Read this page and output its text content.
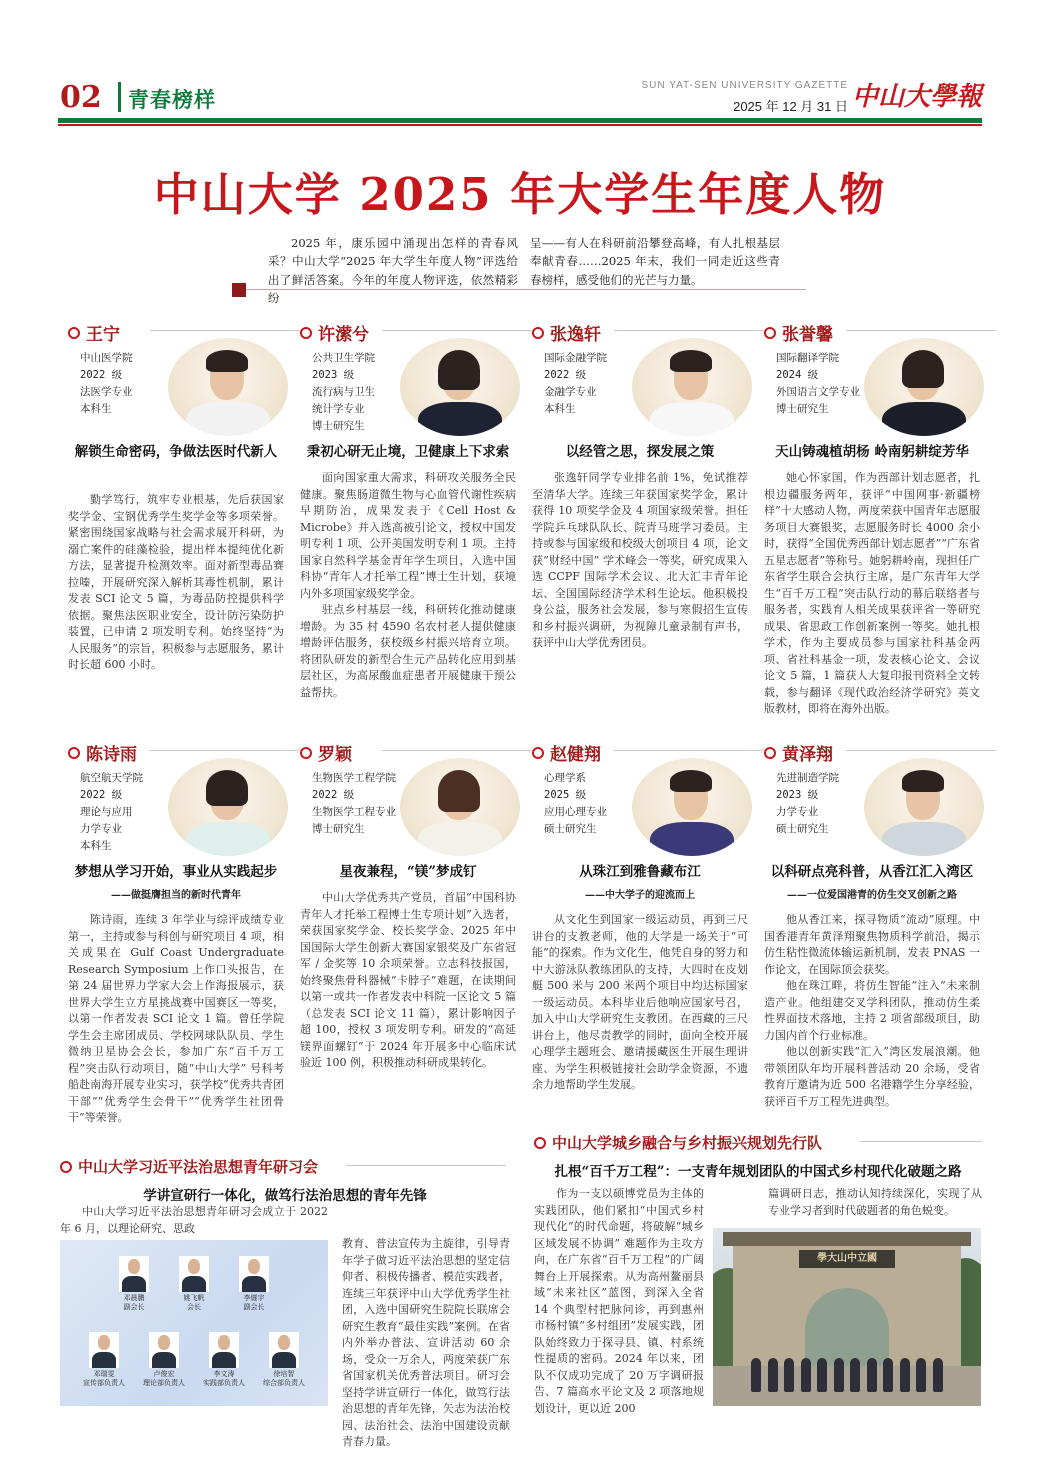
02 青春榜样
SUN YAT-SEN UNIVERSITY GAZETTE
2025 年 12 月 31 日 中山大學報
中山大学 2025 年大学生年度人物
2025 年，康乐园中涌现出怎样的青春风采？中山大学“2025 年大学生年度人物”评选给出了鲜活答案。今年的年度人物评选，依然精彩纷
呈——有人在科研前沿攀登高峰，有人扎根基层奉献青春……2025 年末，我们一同走近这些青春榜样，感受他们的光芒与力量。
王宁
中山医学院
2022 级
法医学专业
本科生
解锁生命密码，争做法医时代新人

勤学笃行，筑牢专业根基，先后获国家奖学金、宝钢优秀学生奖学金等多项荣誉。紧密围绕国家战略与社会需求展开科研，为溺亡案件的硅藻检验，提出样本提纯优化新方法，显著提升检测效率。面对新型毒品赛拉嗪，开展研究深入解析其毒性机制，累计发表 SCI 论文 5 篇，为毒品防控提供科学依据。聚焦法医职业安全，设计防污染防护装置，已申请 2 项发明专利。始终坚持“为人民服务”的宗旨，积极参与志愿服务，累计时长超 600 小时。

许潆兮
公共卫生学院
2023 级
流行病与卫生
统计学专业
博士研究生
秉初心研无止境，卫健康上下求索

面向国家重大需求，科研攻关服务全民健康。聚焦肠道微生物与心血管代谢性疾病早期防治，成果发表于《Cell Host & Microbe》并入选高被引论文，授权中国发明专利 1 项、公开美国发明专利 1 项。主持国家自然科学基金青年学生项目，入选中国科协“青年人才托举工程”博士生计划，获境内外多项国家级奖学金。

驻点乡村基层一线，科研转化推动健康增龄。为 35 村 4590 名农村老人提供健康增龄评估服务，获校级乡村振兴培育立项。将团队研发的新型合生元产品转化应用到基层社区，为高尿酸血症患者开展健康干预公益帮扶。

张逸轩
国际金融学院
2022 级
金融学专业
本科生
以经管之思，探发展之策

张逸轩同学专业排名前 1%，免试推荐至清华大学。连续三年获国家奖学金，累计获得 10 项奖学金及 4 项国家级荣誉。担任学院乒乓球队队长、院青马班学习委员。主持或参与国家级和校级大创项目 4 项，论文获“财经中国” 学术峰会一等奖，研究成果入选 CCPF 国际学术会议、北大汇丰青年论坛、全国国际经济学术科生论坛。他积极投身公益，服务社会发展，参与寒假招生宣传和乡村振兴调研，为视障儿童录制有声书，获评中山大学优秀团员。

张誉馨
国际翻译学院
2024 级
外国语言文学专业
博士研究生
天山铸魂植胡杨 岭南躬耕绽芳华

她心怀家国，作为西部计划志愿者，扎根边疆服务两年，获评“中国网事·新疆榜样”十大感动人物，两度荣获中国青年志愿服务项目大赛银奖，志愿服务时长 4000 余小时，获得“全国优秀西部计划志愿者”“广东省五星志愿者”等称号。她躬耕岭南，现担任广东省学生联合会执行主席，是广东青年大学生“百千万工程”突击队行动的幕后联络者与服务者，实践育人相关成果获评省一等研究成果、省思政工作创新案例一等奖。她扎根学术，作为主要成员参与国家社科基金两项、省社科基金一项，发表核心论文、会议论文 5 篇，1 篇获人大复印报刊资料全文转载，参与翻译《现代政治经济学研究》英文版教材，即将在海外出版。

陈诗雨
航空航天学院
2022 级
理论与应用
力学专业
本科生
梦想从学习开始，事业从实践起步
——做挺膺担当的新时代青年

陈诗雨，连续 3 年学业与综评成绩专业第一，主持或参与科创与研究项目 4 项，相关成果在 Gulf Coast Undergraduate Research Symposium 上作口头报告，在第 24 届世界力学家大会上作海报展示，获世界大学生立方星挑战赛中国赛区一等奖，以第一作者发表 SCI 论文 1 篇。曾任学院学生会主席团成员、学校网球队队员、学生微纳卫星协会会长，参加广东“百千万工程”突击队行动项目，随“中山大学” 号科考船赴南海开展专业实习，获学校“优秀共青团干部”“优秀学生会骨干”“优秀学生社团骨干”等荣誉。

罗颖
生物医学工程学院
2022 级
生物医学工程专业
博士研究生
星夜兼程，“镁”梦成钉

中山大学优秀共产党员，首届“中国科协青年人才托举工程博士生专项计划”入选者，荣获国家奖学金、校长奖学金、2025 年中国国际大学生创新大赛国家银奖及广东省冠军 / 金奖等 10 余项荣誉。立志科技报国，始终聚焦骨科器械“卡脖子”难题，在读期间以第一或共一作者发表中科院一区论文 5 篇（总发表 SCI 论文 11 篇），累计影响因子超 100，授权 3 项发明专利。研发的“高延镁界面螺钉”于 2024 年开展多中心临床试验近 100 例，积极推动科研成果转化。

赵健翔
心理学系
2025 级
应用心理专业
硕士研究生
从珠江到雅鲁藏布江
——中大学子的迎流而上

从文化生到国家一级运动员，再到三尺讲台的支教老师，他的大学是一场关于“可能”的探索。作为文化生，他凭自身的努力和中大游泳队教练团队的支持，大四时在皮划艇 500 米与 200 米两个项目中均达标国家一级运动员。本科毕业后他响应国家号召，加入中山大学研究生支教团。在西藏的三尺讲台上，他尽责教学的同时，面向全校开展心理学主题班会、邀请援藏医生开展生理讲座、为学生积极链接社会助学金资源，不遗余力地帮助学生发展。

黄泽翔
先进制造学院
2023 级
力学专业
硕士研究生
以科研点亮科普，从香江汇入湾区
——一位爱国港青的仿生交叉创新之路

他从香江来，探寻物质“流动”原理。中国香港青年黄泽翔聚焦物质科学前沿，揭示仿生粘性微流体输运新机制，发表 PNAS 一作论文，在国际顶会获奖。

他在珠江畔，将仿生智能“注入”未来制造产业。他组建交叉学科团队，推动仿生柔性界面技术落地，主持 2 项省部级项目，助力国内首个行业标准。

他以创新实践“汇入”湾区发展浪潮。他带领团队年均开展科普活动 20 余场，受省教育厅邀请为近 500 名港籍学生分享经验，获评百千万工程先进典型。

中山大学习近平法治思想青年研习会
学讲宣研行一体化，做笃行法治思想的青年先锋

中山大学习近平法治思想青年研习会成立于 2022 年 6 月，以理论研究、思政

教育、普法宣传为主旋律，引导青年学子做习近平法治思想的坚定信仰者、积极传播者、模范实践者，连续三年获评中山大学优秀学生社团，入选中国研究生院院长联席会研究生教育“最佳实践”案例。在省内外举办普法、宣讲活动 60 余场，受众一万余人，两度荣获广东省国家机关优秀普法项目。研习会坚持学讲宣研行一体化，做笃行法治思想的青年先锋，矢志为法治校园、法治社会、法治中国建设贡献青春力量。

邓晨鹏
副会长
姚飞帆
会长
李燧宇
副会长
邓瑞雯
宣传部负责人
卢俊宏
理论部负责人
李文涛
实践部负责人
徐培智
综合部负责人
中山大学城乡融合与乡村振兴规划先行队
扎根“百千万工程”：一支青年规划团队的中国式乡村现代化破题之路

作为一支以硕博党员为主体的实践团队，他们紧扣“中国式乡村现代化”的时代命题，将破解“城乡区域发展不协调” 难题作为主攻方向，在广东省“百千万工程”的广阔舞台上开展探索。从为高州鳌丽县域“未来社区”蓝图，到深入全省 14 个典型村把脉问诊，再到惠州市杨村镇“多村组团”发展实践，团队始终致力于探寻县、镇、村系统性提质的密码。2024 年以来，团队不仅成功完成了 20 万字调研报告、7 篇高水平论文及 2 项落地规划设计，更以近 200

篇调研日志，推动认知持续深化，实现了从专业学习者到时代破题者的角色蜕变。

學大山中立國
